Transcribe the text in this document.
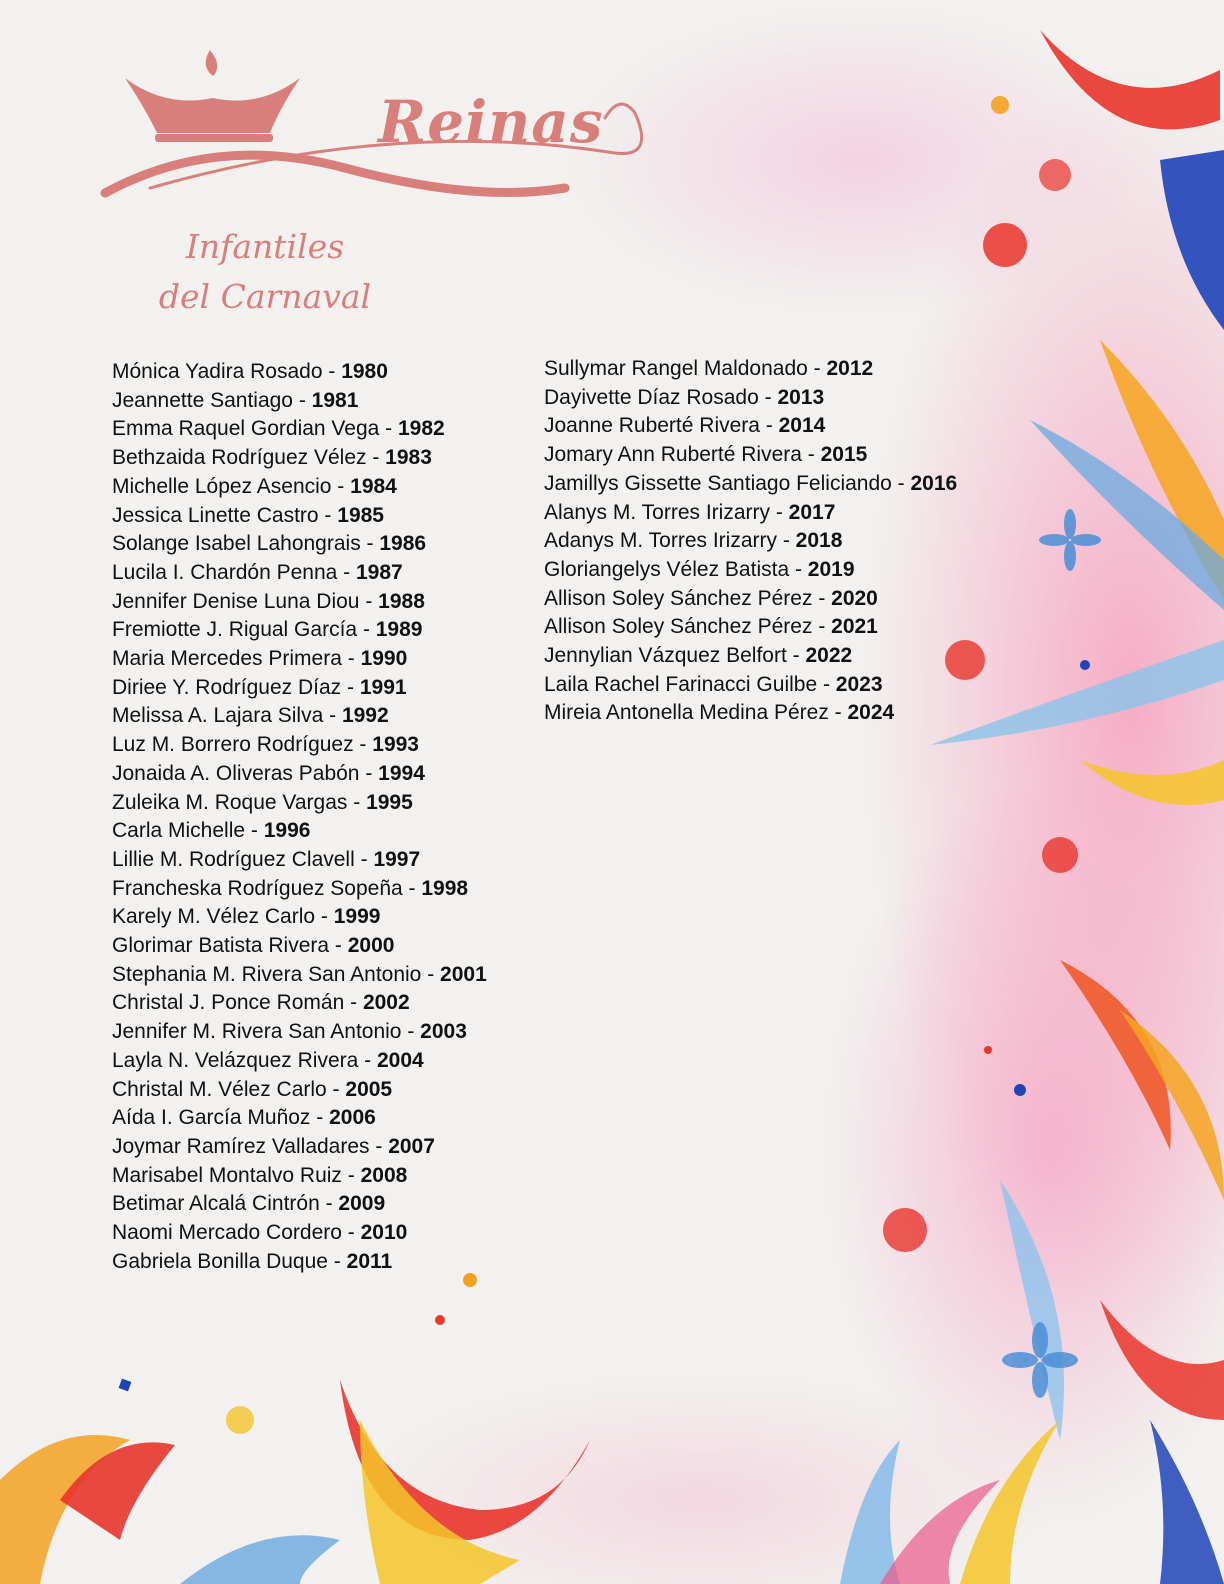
Reinas
Infantiles
del Carnaval
Mónica Yadira Rosado - 1980
Jeannette Santiago - 1981
Emma Raquel Gordian Vega - 1982
Bethzaida Rodríguez Vélez - 1983
Michelle López Asencio - 1984
Jessica Linette Castro - 1985
Solange Isabel Lahongrais - 1986
Lucila I. Chardón Penna - 1987
Jennifer Denise Luna Diou - 1988
Fremiotte J. Rigual García - 1989
Maria Mercedes Primera - 1990
Diriee Y. Rodríguez Díaz - 1991
Melissa A. Lajara Silva - 1992
Luz M. Borrero Rodríguez - 1993
Jonaida A. Oliveras Pabón - 1994
Zuleika M. Roque Vargas - 1995
Carla Michelle - 1996
Lillie M. Rodríguez Clavell - 1997
Francheska Rodríguez Sopeña - 1998
Karely M. Vélez Carlo - 1999
Glorimar Batista Rivera - 2000
Stephania M. Rivera San Antonio - 2001
Christal J. Ponce Román - 2002
Jennifer M. Rivera San Antonio - 2003
Layla N. Velázquez Rivera - 2004
Christal M. Vélez Carlo - 2005
Aída I. García Muñoz - 2006
Joymar Ramírez Valladares - 2007
Marisabel Montalvo Ruiz - 2008
Betimar Alcalá Cintrón - 2009
Naomi Mercado Cordero - 2010
Gabriela Bonilla Duque - 2011
Sullymar Rangel Maldonado - 2012
Dayivette Díaz Rosado - 2013
Joanne Ruberté Rivera - 2014
Jomary Ann Ruberté Rivera - 2015
Jamillys Gissette Santiago Feliciando - 2016
Alanys M. Torres Irizarry - 2017
Adanys M. Torres Irizarry - 2018
Gloriangelys Vélez Batista - 2019
Allison Soley Sánchez Pérez - 2020
Allison Soley Sánchez Pérez - 2021
Jennylian Vázquez Belfort - 2022
Laila Rachel Farinacci Guilbe - 2023
Mireia Antonella Medina Pérez - 2024
